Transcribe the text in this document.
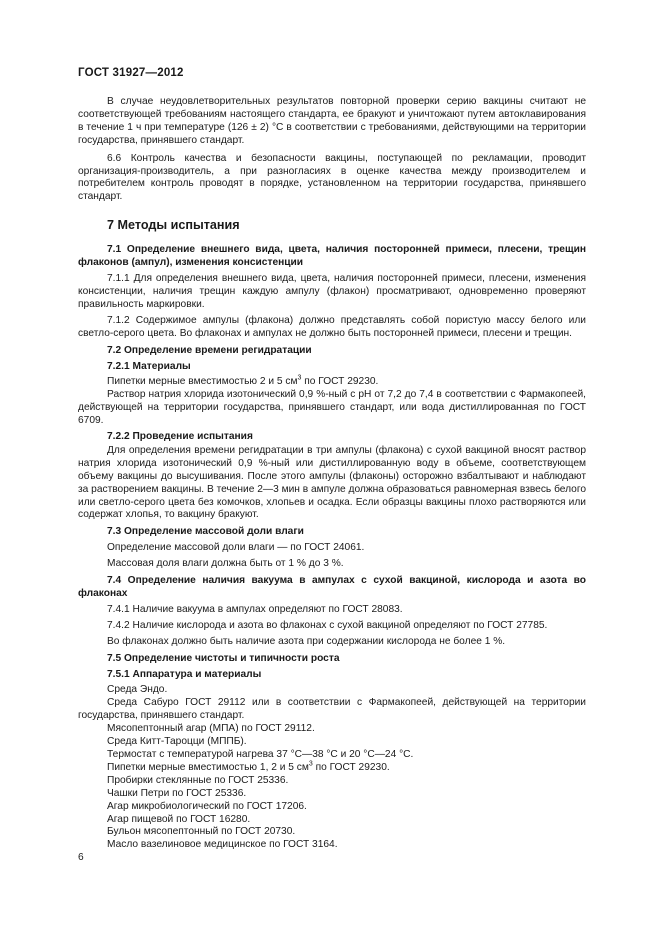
ГОСТ 31927—2012

В случае неудовлетворительных результатов повторной проверки серию вакцины считают не соответствующей требованиям настоящего стандарта, ее бракуют и уничтожают путем автоклавирования в течение 1 ч при температуре (126 ± 2) °С в соответствии с требованиями, действующими на территории государства, принявшего стандарт.

6.6 Контроль качества и безопасности вакцины, поступающей по рекламации, проводит организация-производитель, а при разногласиях в оценке качества между производителем и потребителем контроль проводят в порядке, установленном на территории государства, принявшего стандарт.

7 Методы испытания

7.1 Определение внешнего вида, цвета, наличия посторонней примеси, плесени, трещин флаконов (ампул), изменения консистенции

7.1.1 Для определения внешнего вида, цвета, наличия посторонней примеси, плесени, изменения консистенции, наличия трещин каждую ампулу (флакон) просматривают, одновременно проверяют правильность маркировки.

7.1.2 Содержимое ампулы (флакона) должно представлять собой пористую массу белого или светло-серого цвета. Во флаконах и ампулах не должно быть посторонней примеси, плесени и трещин.

7.2 Определение времени регидратации

7.2.1 Материалы

Пипетки мерные вместимостью 2 и 5 $см^3$ по ГОСТ 29230.

Раствор натрия хлорида изотонический 0,9 %-ный с pH от 7,2 до 7,4 в соответствии с Фармакопеей, действующей на территории государства, принявшего стандарт, или вода дистиллированная по ГОСТ 6709.

7.2.2 Проведение испытания

Для определения времени регидратации в три ампулы (флакона) с сухой вакциной вносят раствор натрия хлорида изотонический 0,9 %-ный или дистиллированную воду в объеме, соответствующем объему вакцины до высушивания. После этого ампулы (флаконы) осторожно взбалтывают и наблюдают за растворением вакцины. В течение 2—3 мин в ампуле должна образоваться равномерная взвесь белого или светло-серого цвета без комочков, хлопьев и осадка. Если образцы вакцины плохо растворяются или содержат хлопья, то вакцину бракуют.

7.3 Определение массовой доли влаги

Определение массовой доли влаги — по ГОСТ 24061.

Массовая доля влаги должна быть от 1 % до 3 %.

7.4 Определение наличия вакуума в ампулах с сухой вакциной, кислорода и азота во флаконах

7.4.1 Наличие вакуума в ампулах определяют по ГОСТ 28083.

7.4.2 Наличие кислорода и азота во флаконах с сухой вакциной определяют по ГОСТ 27785.

Во флаконах должно быть наличие азота при содержании кислорода не более 1 %.

7.5 Определение чистоты и типичности роста

7.5.1 Аппаратура и материалы

Среда Эндо.

Среда Сабуро ГОСТ 29112 или в соответствии с Фармакопеей, действующей на территории государства, принявшего стандарт.

Мясопептонный агар (МПА) по ГОСТ 29112.

Среда Китт-Тароцци (МППБ).

Термостат с температурой нагрева 37 °С—38 °С и 20 °С—24 °С.

Пипетки мерные вместимостью 1, 2 и 5 $см^3$ по ГОСТ 29230.

Пробирки стеклянные по ГОСТ 25336.

Чашки Петри по ГОСТ 25336.

Агар микробиологический по ГОСТ 17206.

Агар пищевой по ГОСТ 16280.

Бульон мясопептонный по ГОСТ 20730.

Масло вазелиновое медицинское по ГОСТ 3164.

6
